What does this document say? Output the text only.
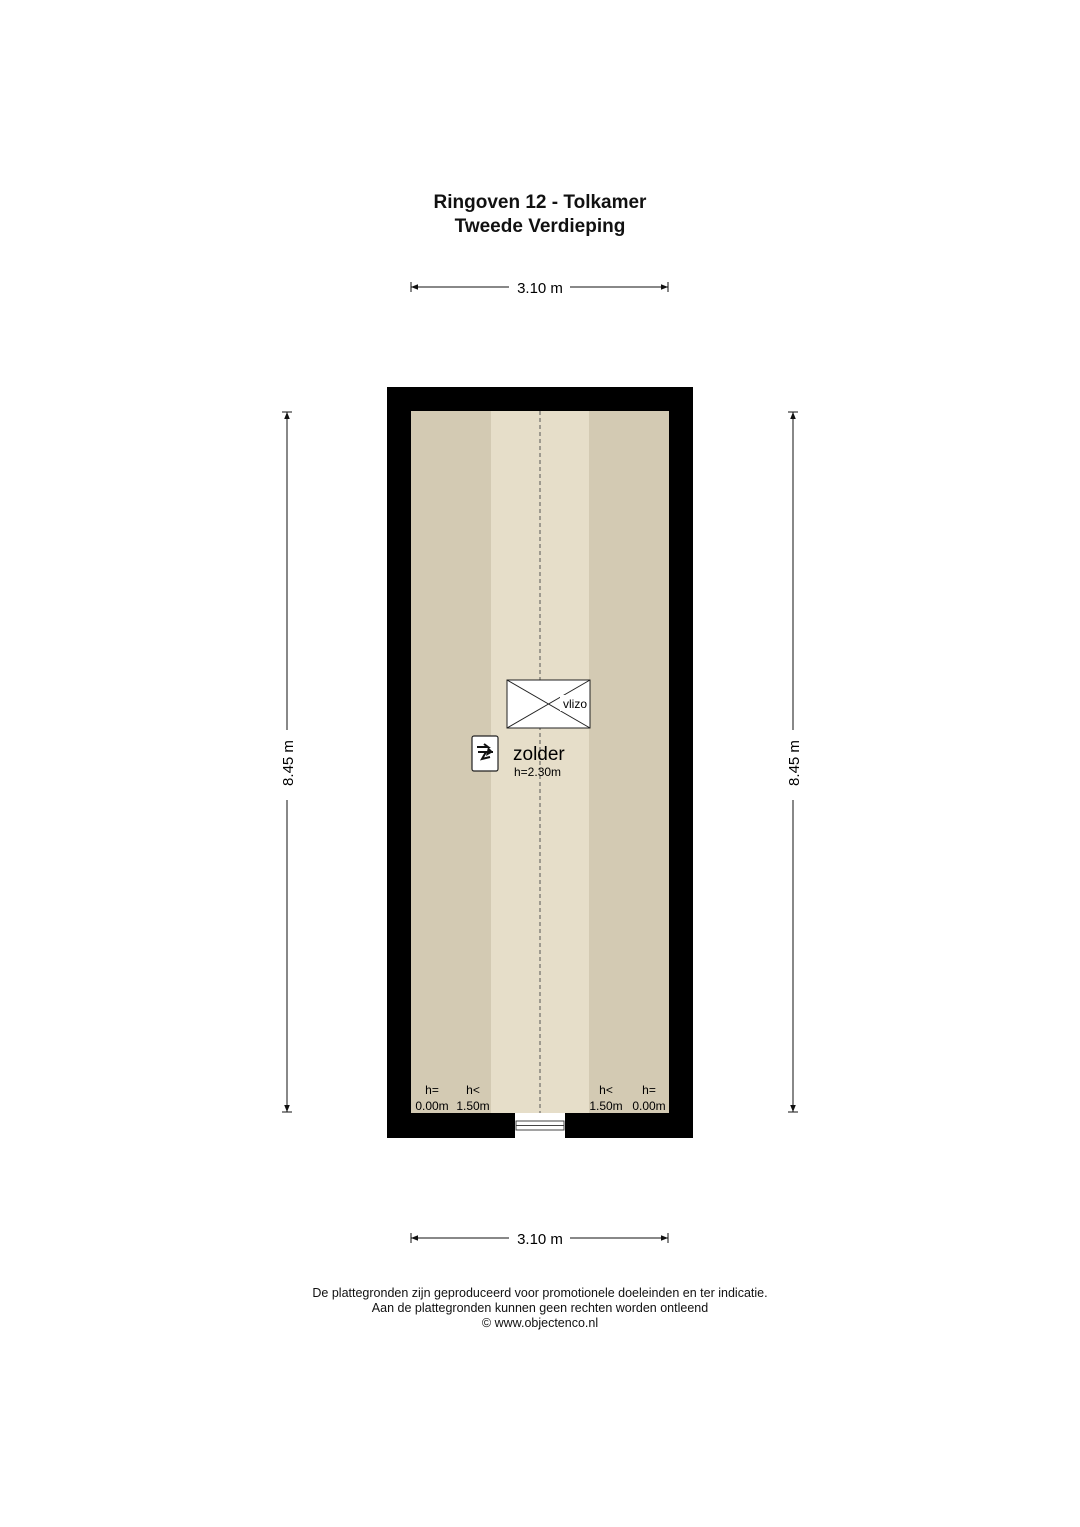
Ringoven 12 - Tolkamer
Tweede Verdieping
3.10 m
3.10 m
8.45 m	8.45 m
vlizo
zolder
h=2.30m
h=
0.00m
h<
1.50m
h<
1.50m
h=
0.00m
De plattegronden zijn geproduceerd voor promotionele doeleinden en ter indicatie.
Aan de plattegronden kunnen geen rechten worden ontleend
© www.objectenco.nl
